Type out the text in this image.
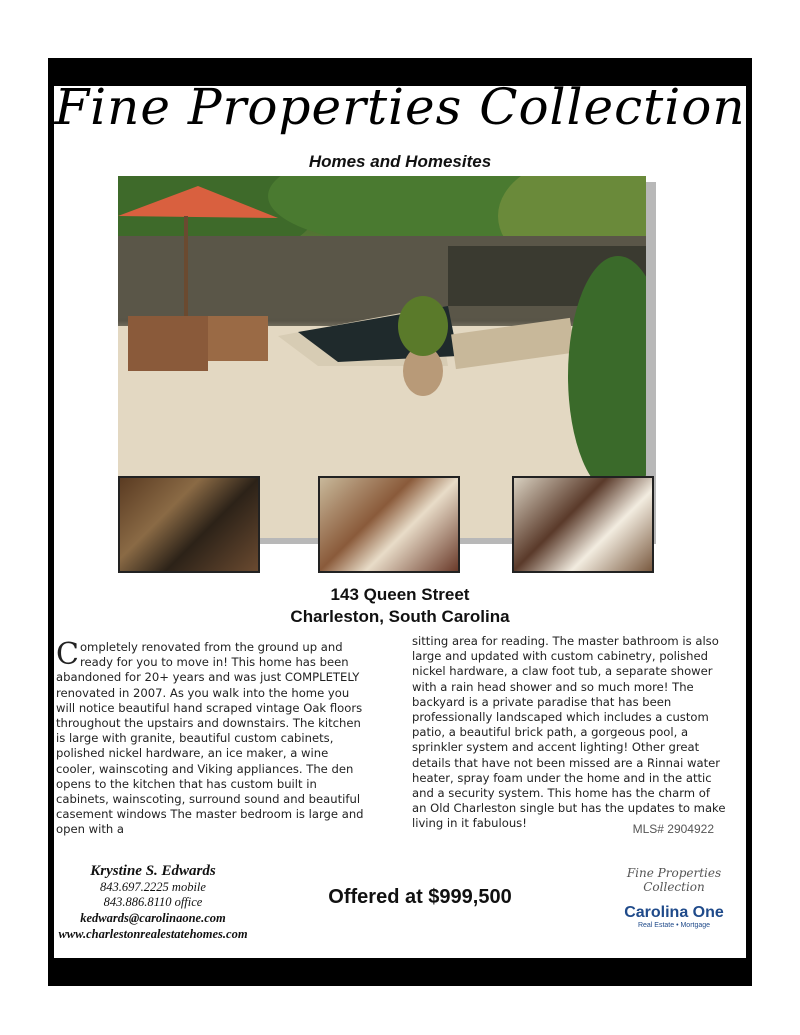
Fine Properties Collection
Homes and Homesites
143 Queen Street
Charleston, South Carolina
Completely renovated from the ground up and ready for you to move in! This home has been abandoned for 20+ years and was just COMPLETELY renovated in 2007. As you walk into the home you will notice beautiful hand scraped vintage Oak floors throughout the upstairs and downstairs. The kitchen is large with granite, beautiful custom cabinets, polished nickel hardware, an ice maker, a wine cooler, wainscoting and Viking appliances. The den opens to the kitchen that has custom built in cabinets, wainscoting, surround sound and beautiful casement windows The master bedroom is large and open with a
sitting area for reading. The master bathroom is also large and updated with custom cabinetry, polished nickel hardware, a claw foot tub, a separate shower with a rain head shower and so much more! The backyard is a private paradise that has been professionally landscaped which includes a custom patio, a beautiful brick path, a gorgeous pool, a sprinkler system and accent lighting! Other great details that have not been missed are a Rinnai water heater, spray foam under the home and in the attic and a security system. This home has the charm of an Old Charleston single but has the updates to make living in it fabulous!	MLS# 2904922
Krystine S. Edwards
843.697.2225 mobile
843.886.8110 office
kedwards@carolinaone.com
www.charlestonrealestatehomes.com
Offered at $999,500
Fine Properties Collection
Carolina One
Real Estate • Mortgage
